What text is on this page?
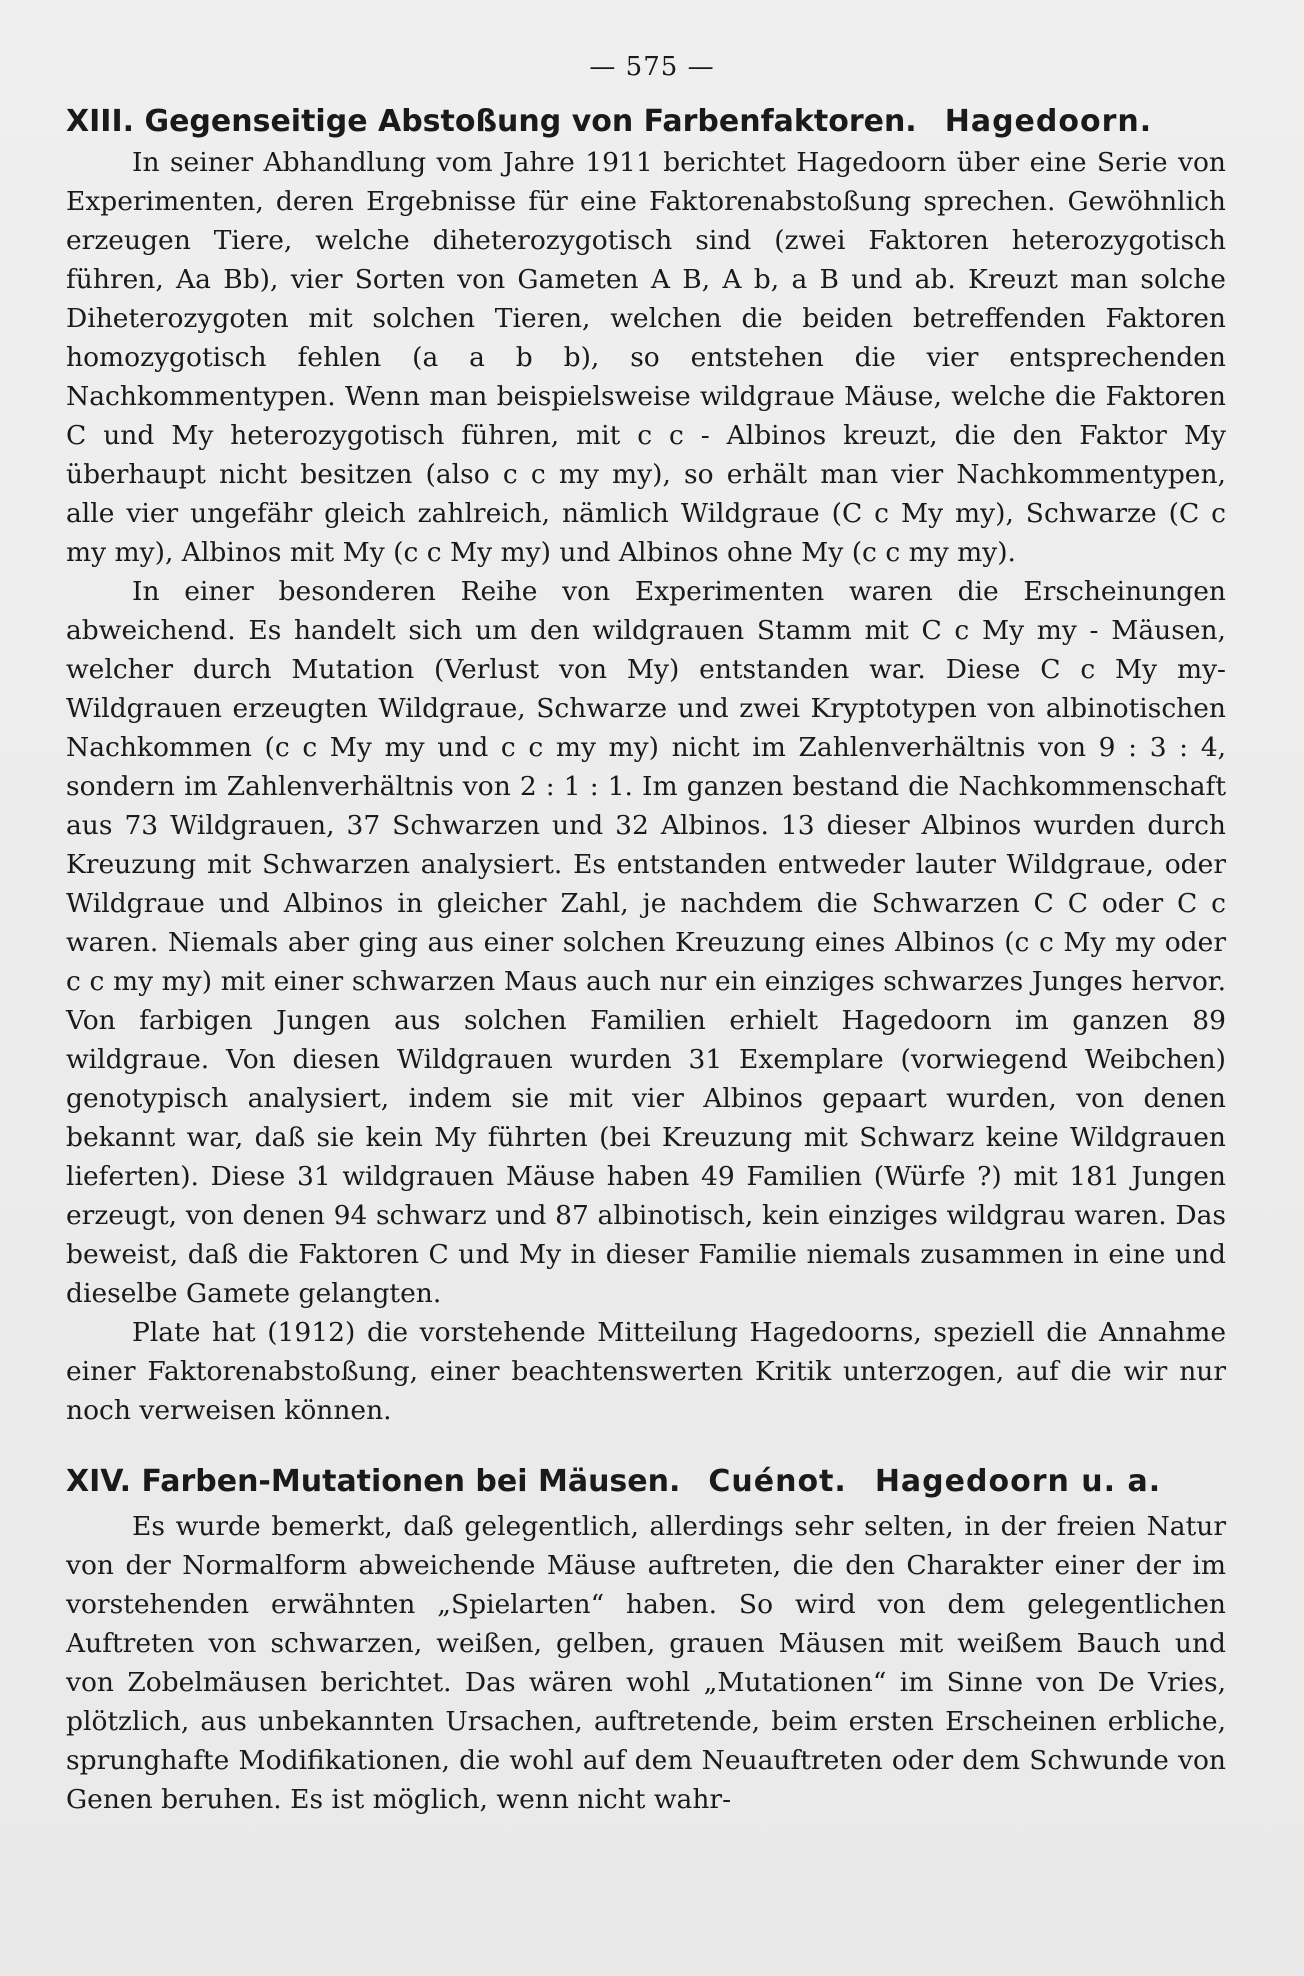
— 575 —
XIII. Gegenseitige Abstoßung von Farbenfaktoren. Hagedoorn.

In seiner Abhandlung vom Jahre 1911 berichtet Hagedoorn über eine Serie von Experimenten, deren Ergebnisse für eine Faktorenabstoßung sprechen. Gewöhnlich erzeugen Tiere, welche diheterozygotisch sind (zwei Faktoren heterozygotisch führen, Aa Bb), vier Sorten von Gameten A B, A b, a B und ab. Kreuzt man solche Diheterozygoten mit solchen Tieren, welchen die beiden betreffenden Faktoren homozygotisch fehlen (a a b b), so entstehen die vier entsprechenden Nachkommentypen. Wenn man beispielsweise wildgraue Mäuse, welche die Faktoren C und My heterozygotisch führen, mit c c - Albinos kreuzt, die den Faktor My überhaupt nicht besitzen (also c c my my), so erhält man vier Nachkommentypen, alle vier ungefähr gleich zahlreich, nämlich Wildgraue (C c My my), Schwarze (C c my my), Albinos mit My (c c My my) und Albinos ohne My (c c my my).

In einer besonderen Reihe von Experimenten waren die Erscheinungen abweichend. Es handelt sich um den wildgrauen Stamm mit C c My my - Mäusen, welcher durch Mutation (Verlust von My) entstanden war. Diese C c My my-Wildgrauen erzeugten Wildgraue, Schwarze und zwei Kryptotypen von albinotischen Nachkommen (c c My my und c c my my) nicht im Zahlenverhältnis von 9 : 3 : 4, sondern im Zahlenverhältnis von 2 : 1 : 1. Im ganzen bestand die Nachkommenschaft aus 73 Wildgrauen, 37 Schwarzen und 32 Albinos. 13 dieser Albinos wurden durch Kreuzung mit Schwarzen analysiert. Es entstanden entweder lauter Wildgraue, oder Wildgraue und Albinos in gleicher Zahl, je nachdem die Schwarzen C C oder C c waren. Niemals aber ging aus einer solchen Kreuzung eines Albinos (c c My my oder c c my my) mit einer schwarzen Maus auch nur ein einziges schwarzes Junges hervor. Von farbigen Jungen aus solchen Familien erhielt Hagedoorn im ganzen 89 wildgraue. Von diesen Wildgrauen wurden 31 Exemplare (vorwiegend Weibchen) genotypisch analysiert, indem sie mit vier Albinos gepaart wurden, von denen bekannt war, daß sie kein My führten (bei Kreuzung mit Schwarz keine Wildgrauen lieferten). Diese 31 wildgrauen Mäuse haben 49 Familien (Würfe ?) mit 181 Jungen erzeugt, von denen 94 schwarz und 87 albinotisch, kein einziges wildgrau waren. Das beweist, daß die Faktoren C und My in dieser Familie niemals zusammen in eine und dieselbe Gamete gelangten.

Plate hat (1912) die vorstehende Mitteilung Hagedoorns, speziell die Annahme einer Faktorenabstoßung, einer beachtenswerten Kritik unterzogen, auf die wir nur noch verweisen können.

XIV. Farben-Mutationen bei Mäusen. Cuénot. Hagedoorn u. a.

Es wurde bemerkt, daß gelegentlich, allerdings sehr selten, in der freien Natur von der Normalform abweichende Mäuse auftreten, die den Charakter einer der im vorstehenden erwähnten „Spielarten“ haben. So wird von dem gelegentlichen Auftreten von schwarzen, weißen, gelben, grauen Mäusen mit weißem Bauch und von Zobelmäusen berichtet. Das wären wohl „Mutationen“ im Sinne von De Vries, plötzlich, aus unbekannten Ursachen, auftretende, beim ersten Erscheinen erbliche, sprunghafte Modifikationen, die wohl auf dem Neuauftreten oder dem Schwunde von Genen beruhen. Es ist möglich, wenn nicht wahr-
